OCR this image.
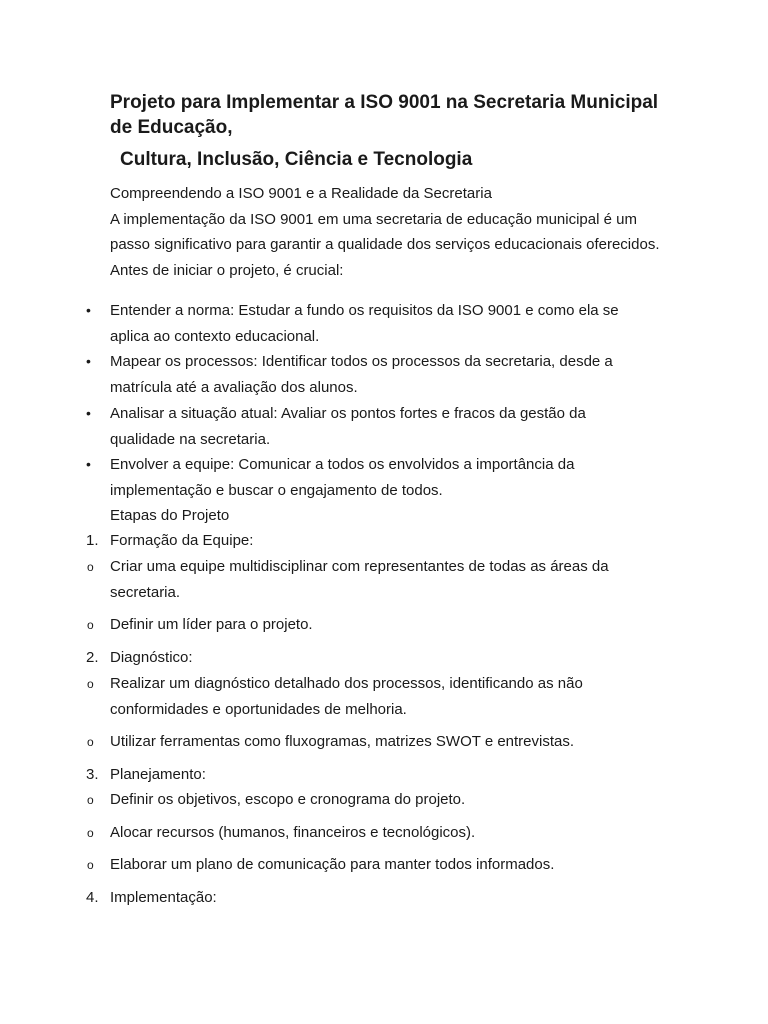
Projeto para Implementar a ISO 9001 na Secretaria Municipal de Educação,
Cultura, Inclusão, Ciência e Tecnologia

Compreendendo a ISO 9001 e a Realidade da Secretaria

A implementação da ISO 9001 em uma secretaria de educação municipal é um passo significativo para garantir a qualidade dos serviços educacionais oferecidos. Antes de iniciar o projeto, é crucial:

• Entender a norma: Estudar a fundo os requisitos da ISO 9001 e como ela se aplica ao contexto educacional.
• Mapear os processos: Identificar todos os processos da secretaria, desde a matrícula até a avaliação dos alunos.
• Analisar a situação atual: Avaliar os pontos fortes e fracos da gestão da qualidade na secretaria.
• Envolver a equipe: Comunicar a todos os envolvidos a importância da implementação e buscar o engajamento de todos.
Etapas do Projeto
1. Formação da Equipe:
o Criar uma equipe multidisciplinar com representantes de todas as áreas da secretaria.
o Definir um líder para o projeto.
2. Diagnóstico:
o Realizar um diagnóstico detalhado dos processos, identificando as não conformidades e oportunidades de melhoria.
o Utilizar ferramentas como fluxogramas, matrizes SWOT e entrevistas.
3. Planejamento:
o Definir os objetivos, escopo e cronograma do projeto.
o Alocar recursos (humanos, financeiros e tecnológicos).
o Elaborar um plano de comunicação para manter todos informados.
4. Implementação:
